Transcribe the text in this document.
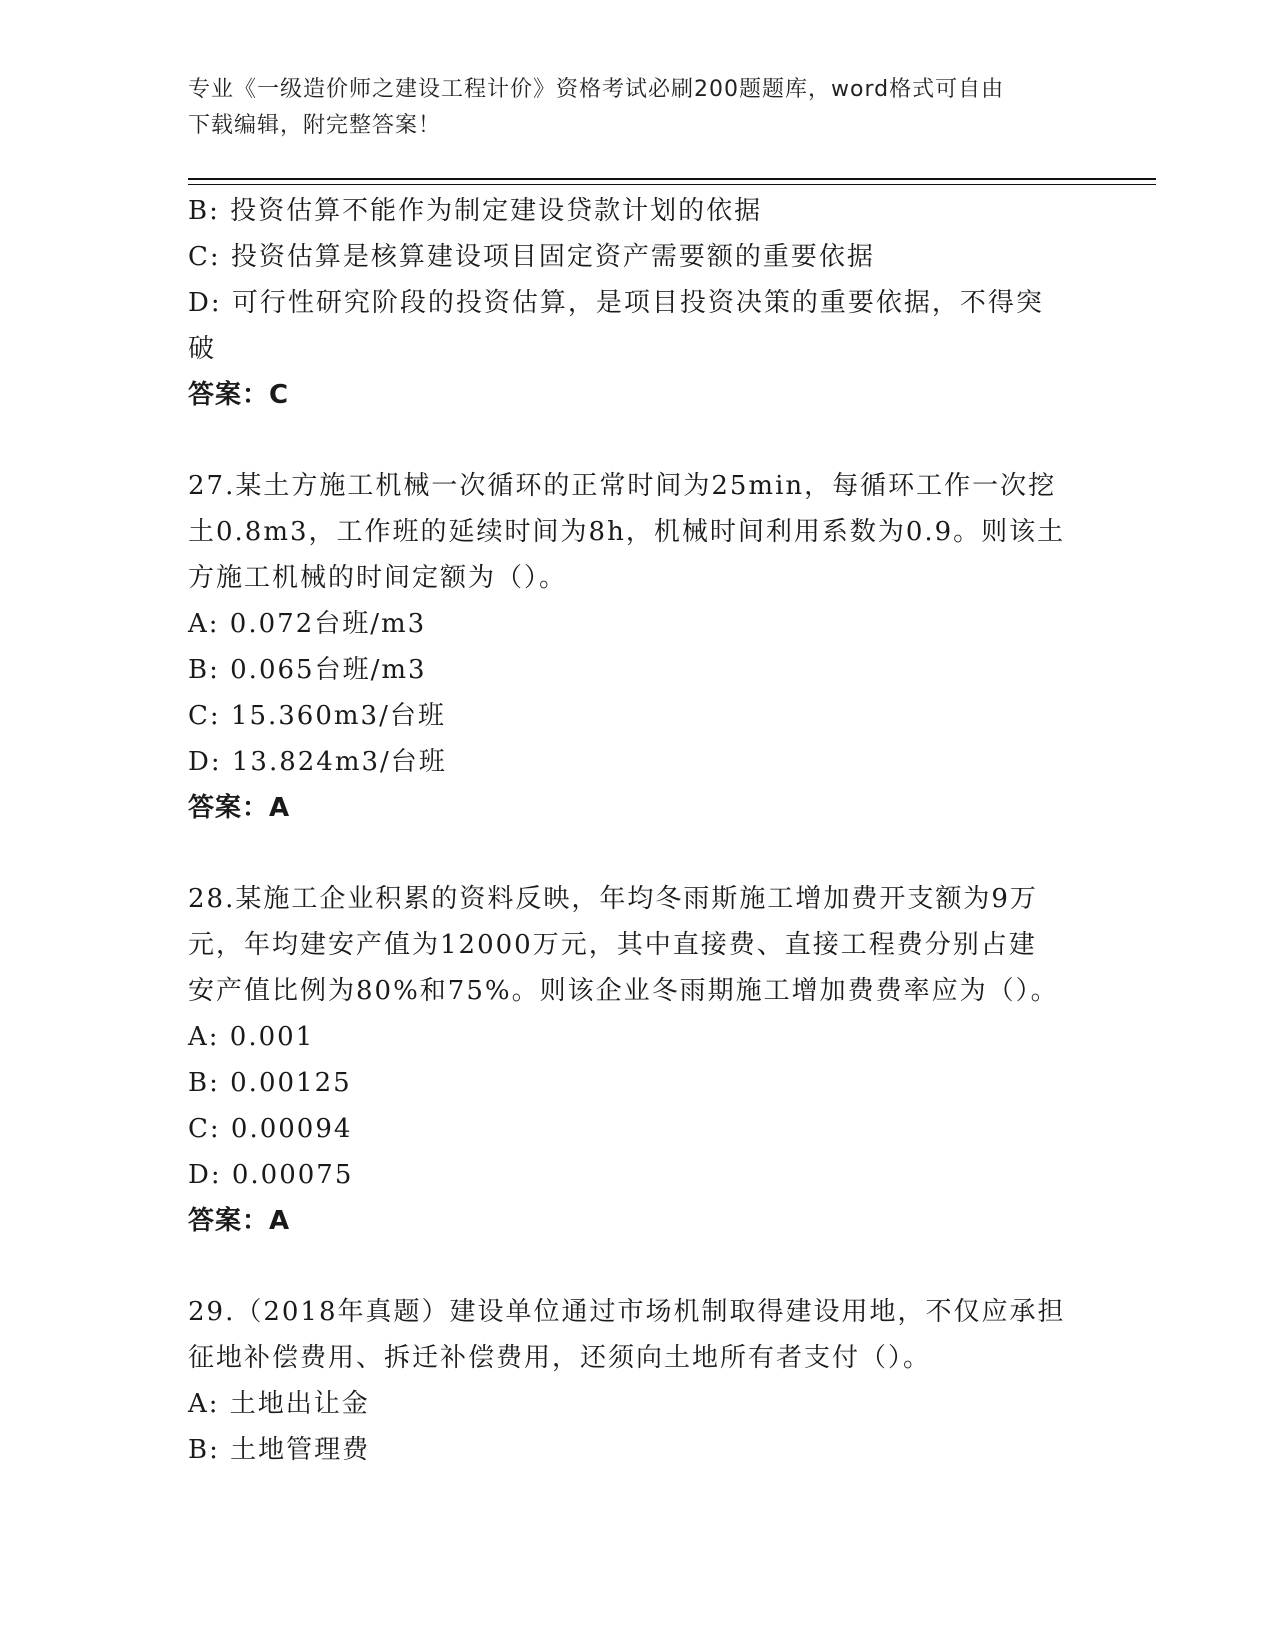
专业《一级造价师之建设工程计价》资格考试必刷200题题库，word格式可自由
下载编辑，附完整答案！
B: 投资估算不能作为制定建设贷款计划的依据
C: 投资估算是核算建设项目固定资产需要额的重要依据
D: 可行性研究阶段的投资估算，是项目投资决策的重要依据，不得突
破
答案：C
27.某土方施工机械一次循环的正常时间为25min，每循环工作一次挖
土0.8m3，工作班的延续时间为8h，机械时间利用系数为0.9。则该土
方施工机械的时间定额为（）。
A: 0.072台班/m3
B: 0.065台班/m3
C: 15.360m3/台班
D: 13.824m3/台班
答案：A
28.某施工企业积累的资料反映，年均冬雨斯施工增加费开支额为9万
元，年均建安产值为12000万元，其中直接费、直接工程费分别占建
安产值比例为80%和75%。则该企业冬雨期施工增加费费率应为（）。
A: 0.001
B: 0.00125
C: 0.00094
D: 0.00075
答案：A
29.（2018年真题）建设单位通过市场机制取得建设用地，不仅应承担
征地补偿费用、拆迁补偿费用，还须向土地所有者支付（）。
A: 土地出让金
B: 土地管理费
